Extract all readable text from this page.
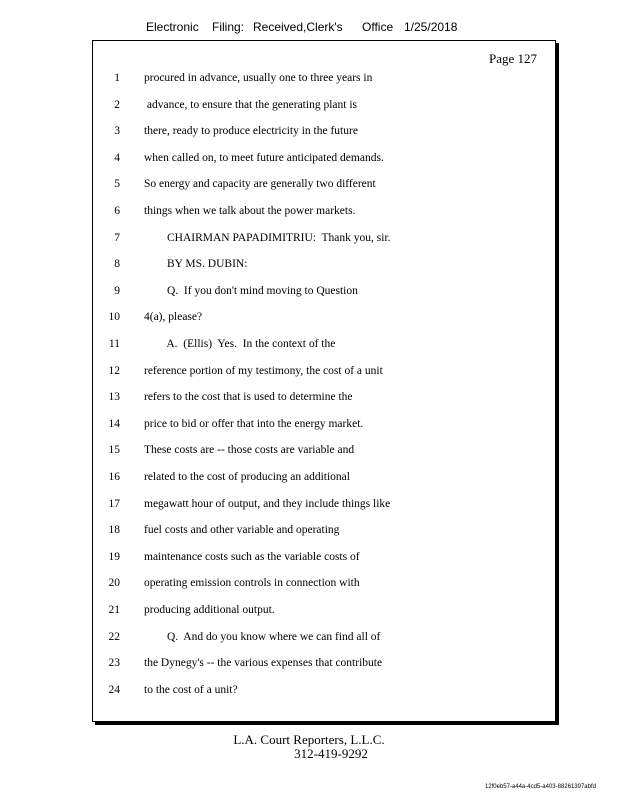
Electronic Filing: Received,Clerk's Office 1/25/2018
Page 127
1 procured in advance, usually one to three years in
2 advance, to ensure that the generating plant is
3 there, ready to produce electricity in the future
4 when called on, to meet future anticipated demands.
5 So energy and capacity are generally two different
6 things when we talk about the power markets.
7 CHAIRMAN PAPADIMITRIU:  Thank you, sir.
8 BY MS. DUBIN:
9 Q.  If you don't mind moving to Question
10 4(a), please?
11 A.  (Ellis)  Yes.  In the context of the
12 reference portion of my testimony, the cost of a unit
13 refers to the cost that is used to determine the
14 price to bid or offer that into the energy market.
15 These costs are -- those costs are variable and
16 related to the cost of producing an additional
17 megawatt hour of output, and they include things like
18 fuel costs and other variable and operating
19 maintenance costs such as the variable costs of
20 operating emission controls in connection with
21 producing additional output.
22 Q.  And do you know where we can find all of
23 the Dynegy's -- the various expenses that contribute
24 to the cost of a unit?
L.A. Court Reporters, L.L.C.
312-419-9292
12f0eb57-a44a-4cd5-a403-88261397abfd
